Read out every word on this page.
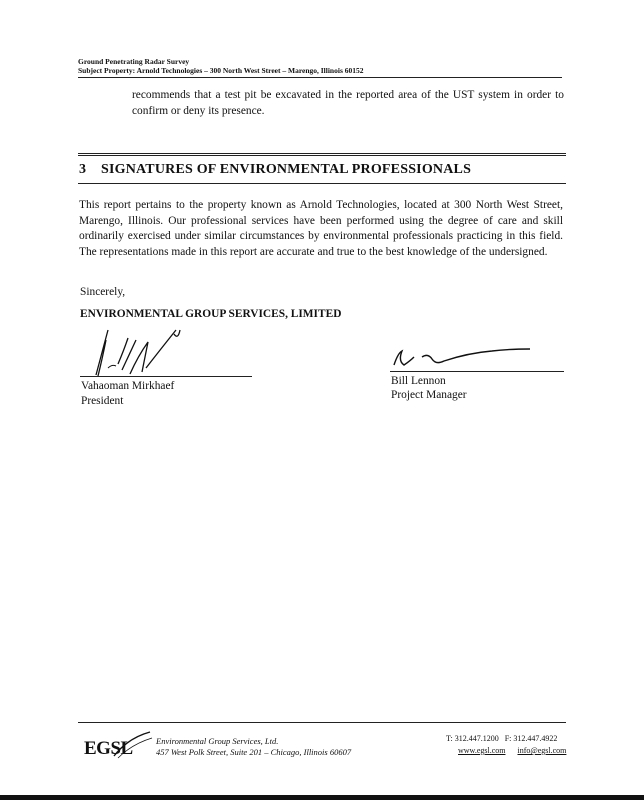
Ground Penetrating Radar Survey
Subject Property: Arnold Technologies – 300 North West Street – Marengo, Illinois 60152
recommends that a test pit be excavated in the reported area of the UST system in order to confirm or deny its presence.
3 SIGNATURES OF ENVIRONMENTAL PROFESSIONALS
This report pertains to the property known as Arnold Technologies, located at 300 North West Street, Marengo, Illinois. Our professional services have been performed using the degree of care and skill ordinarily exercised under similar circumstances by environmental professionals practicing in this field. The representations made in this report are accurate and true to the best knowledge of the undersigned.
Sincerely,
ENVIRONMENTAL GROUP SERVICES, LIMITED
Vahaoman Mirkhaef
President
Bill Lennon
Project Manager
EGSL	Environmental Group Services, Ltd.
457 West Polk Street, Suite 201 – Chicago, Illinois 60607
T: 312.447.1200 F: 312.447.4922
www.egsl.com info@egsl.com
